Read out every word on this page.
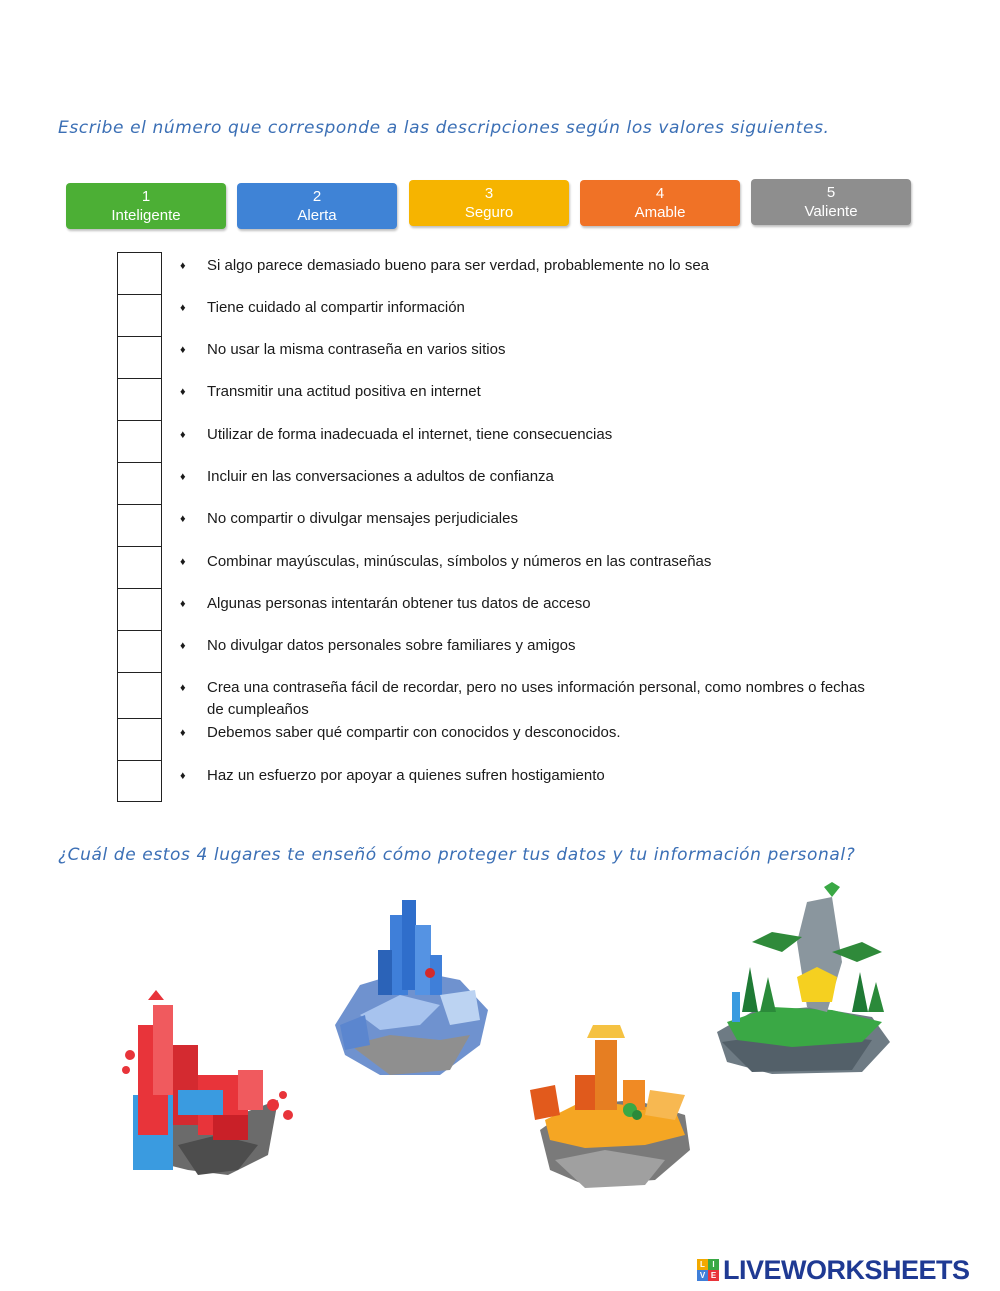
Escribe el número que corresponde a las descripciones según los valores siguientes.
1
Inteligente
2
Alerta
3
Seguro
4
Amable
5
Valiente
♦ Si algo parece demasiado bueno para ser verdad, probablemente no lo sea
♦ Tiene cuidado al compartir información
♦ No usar la misma contraseña en varios sitios
♦ Transmitir una actitud positiva en internet
♦ Utilizar de forma inadecuada el internet, tiene consecuencias
♦ Incluir en las conversaciones a adultos de confianza
♦ No compartir o divulgar mensajes perjudiciales
♦ Combinar mayúsculas, minúsculas, símbolos y números en las contraseñas
♦ Algunas personas intentarán obtener tus datos de acceso
♦ No divulgar datos personales sobre familiares y amigos
♦ Crea una contraseña fácil de recordar, pero no uses información personal, como nombres o fechas de cumpleaños
♦ Debemos saber qué compartir con conocidos y desconocidos.
♦ Haz un esfuerzo por apoyar a quienes sufren hostigamiento
¿Cuál de estos 4 lugares te enseñó cómo proteger tus datos y tu información personal?
L I
V E LIVEWORKSHEETS
